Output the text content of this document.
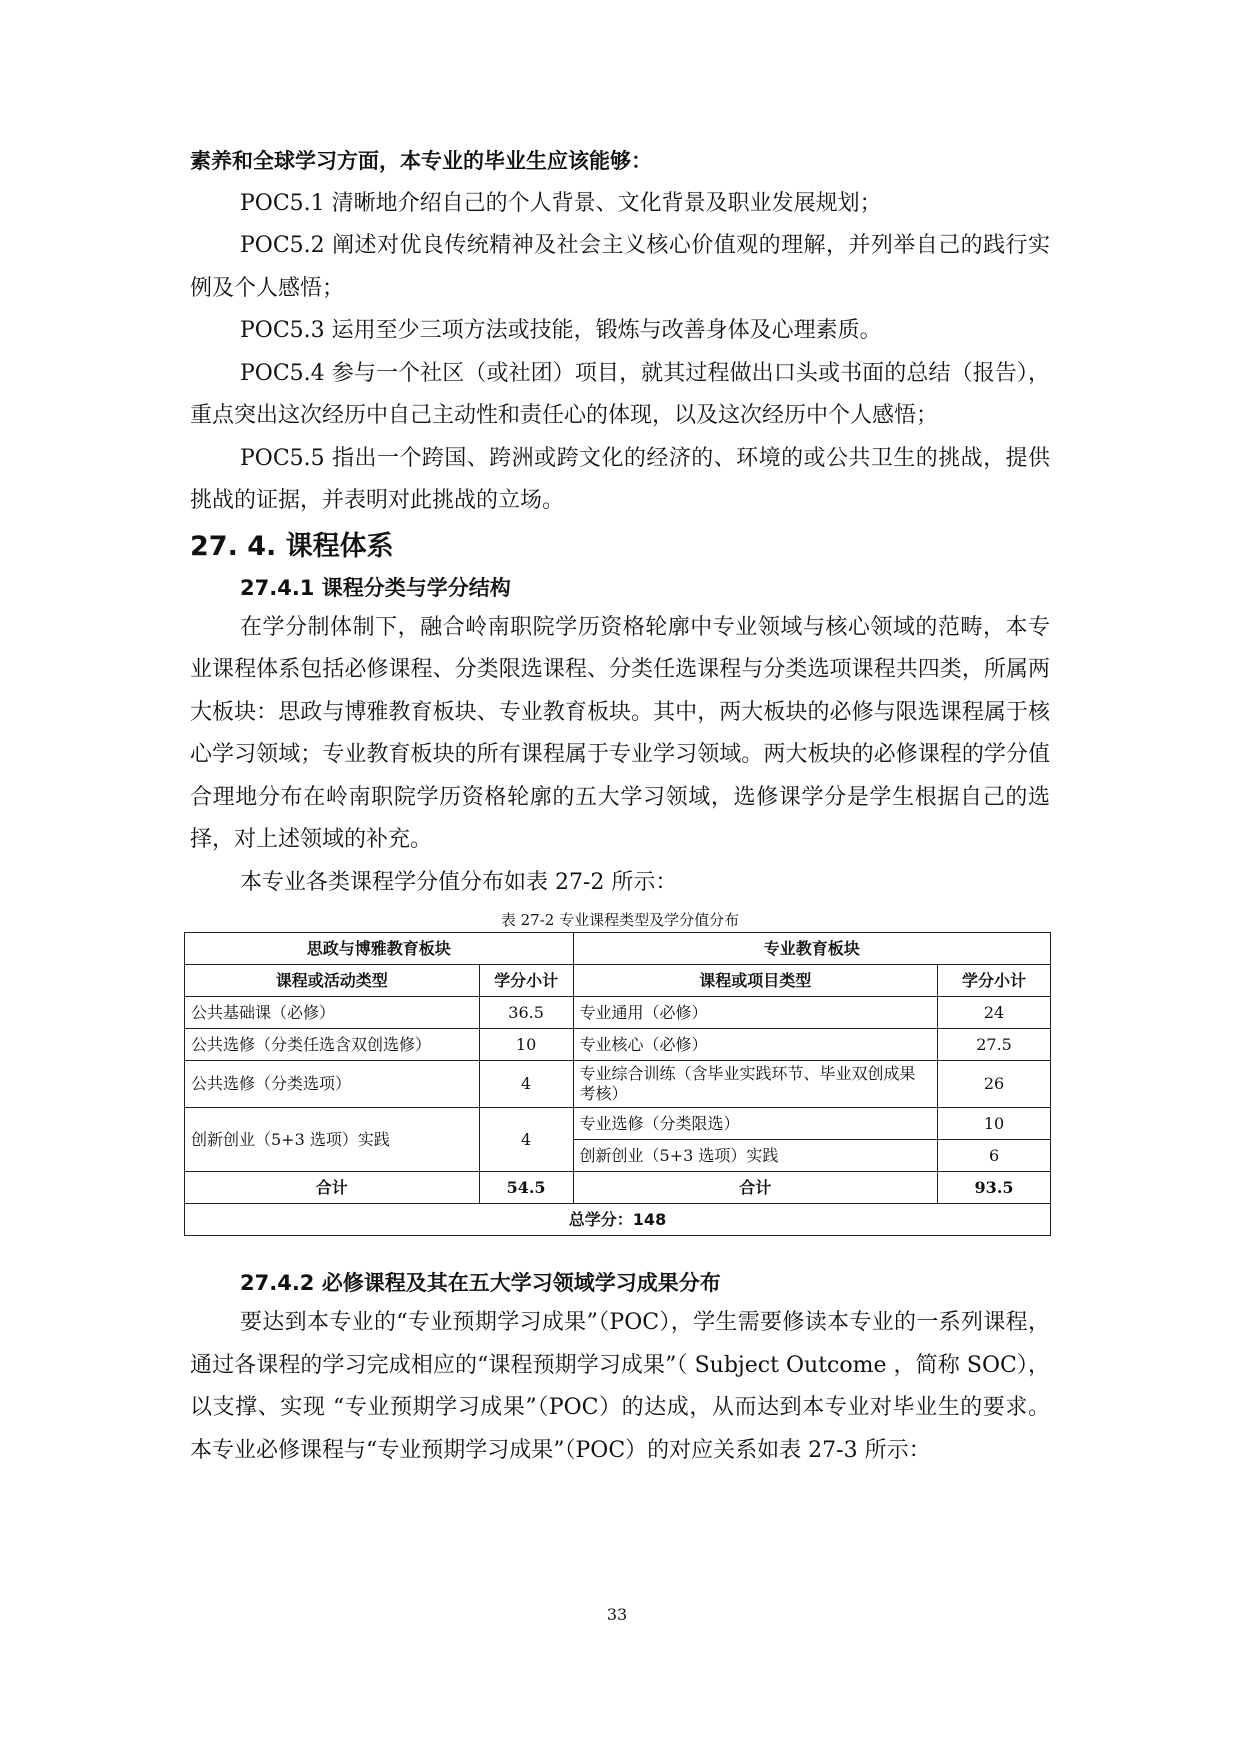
素养和全球学习方面，本专业的毕业生应该能够：

POC5.1 清晰地介绍自己的个人背景、文化背景及职业发展规划；

POC5.2 阐述对优良传统精神及社会主义核心价值观的理解，并列举自己的践行实例及个人感悟；

POC5.3 运用至少三项方法或技能，锻炼与改善身体及心理素质。

POC5.4 参与一个社区（或社团）项目，就其过程做出口头或书面的总结（报告），重点突出这次经历中自己主动性和责任心的体现，以及这次经历中个人感悟；

POC5.5 指出一个跨国、跨洲或跨文化的经济的、环境的或公共卫生的挑战，提供挑战的证据，并表明对此挑战的立场。

27. 4. 课程体系
27.4.1 课程分类与学分结构

在学分制体制下，融合岭南职院学历资格轮廓中专业领域与核心领域的范畴，本专业课程体系包括必修课程、分类限选课程、分类任选课程与分类选项课程共四类，所属两大板块：思政与博雅教育板块、专业教育板块。其中，两大板块的必修与限选课程属于核心学习领域；专业教育板块的所有课程属于专业学习领域。两大板块的必修课程的学分值合理地分布在岭南职院学历资格轮廓的五大学习领域，选修课学分是学生根据自己的选择，对上述领域的补充。

本专业各类课程学分值分布如表 27-2 所示：

表 27-2 专业课程类型及学分值分布
思政与博雅教育板块		专业教育板块	
课程或活动类型	学分小计	课程或项目类型	学分小计
公共基础课（必修）	36.5	专业通用（必修）	24
公共选修（分类任选含双创选修）	10	专业核心（必修）	27.5
公共选修（分类选项）	4	专业综合训练（含毕业实践环节、毕业双创成果考核）	26
创新创业（5+3 选项）实践	4	专业选修（分类限选）	10
		创新创业（5+3 选项）实践	6
合计	54.5	合计	93.5
总学分：148			
27.4.2 必修课程及其在五大学习领域学习成果分布

要达到本专业的“专业预期学习成果”（POC），学生需要修读本专业的一系列课程，通过各课程的学习完成相应的“课程预期学习成果”（ Subject Outcome ，简称 SOC），以支撑、实现 “专业预期学习成果”（POC）的达成，从而达到本专业对毕业生的要求。本专业必修课程与“专业预期学习成果”（POC）的对应关系如表 27-3 所示：

33
